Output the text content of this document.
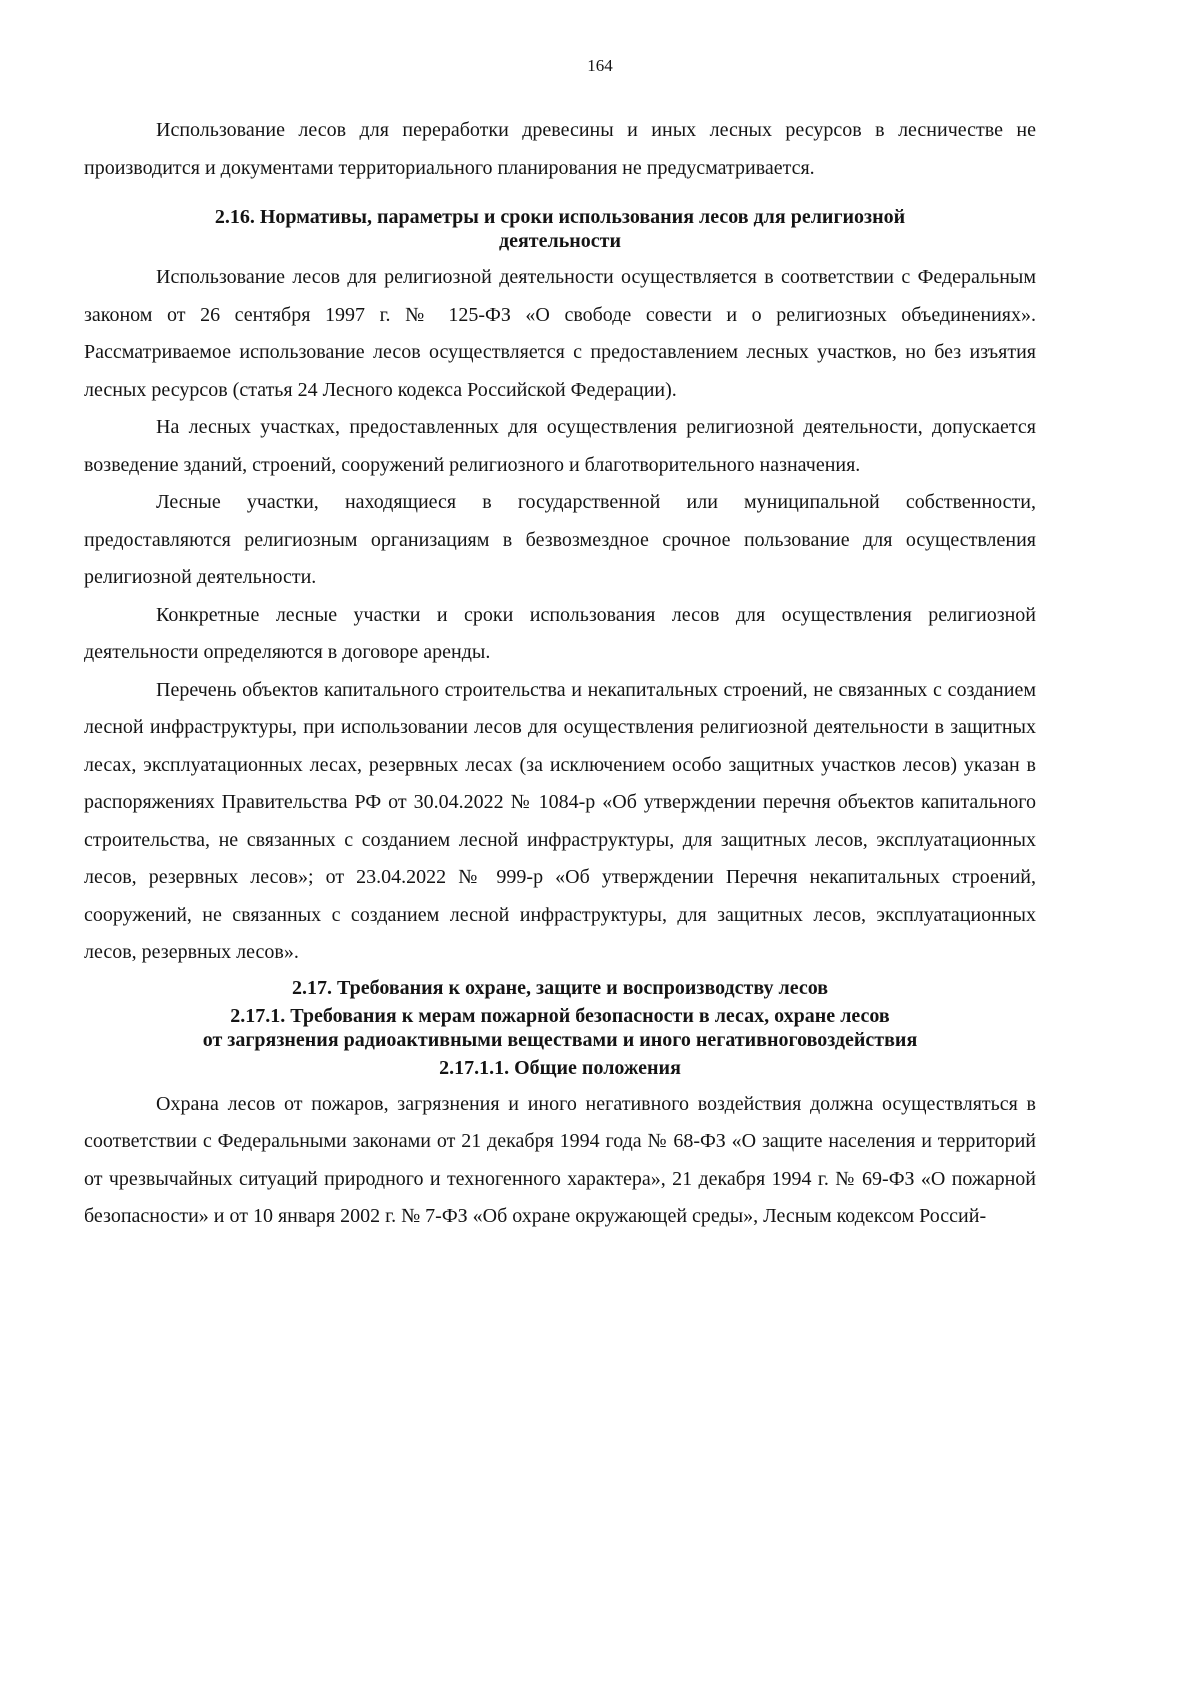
164

Использование лесов для переработки древесины и иных лесных ресурсов в лесничестве не производится и документами территориального планирования не предусматривается.

2.16. Нормативы, параметры и сроки использования лесов для религиозной
деятельности

Использование лесов для религиозной деятельности осуществляется в соответствии с Федеральным законом от 26 сентября 1997 г. № 125-ФЗ «О свободе совести и о религиозных объединениях». Рассматриваемое использование лесов осуществляется с предоставлением лесных участков, но без изъятия лесных ресурсов (статья 24 Лесного кодекса Российской Федерации).

На лесных участках, предоставленных для осуществления религиозной деятельности, допускается возведение зданий, строений, сооружений религиозного и благотворительного назначения.

Лесные участки, находящиеся в государственной или муниципальной собственности, предоставляются религиозным организациям в безвозмездное срочное пользование для осуществления религиозной деятельности.

Конкретные лесные участки и сроки использования лесов для осуществления религиозной деятельности определяются в договоре аренды.

Перечень объектов капитального строительства и некапитальных строений, не связанных с созданием лесной инфраструктуры, при использовании лесов для осуществления религиозной деятельности в защитных лесах, эксплуатационных лесах, резервных лесах (за исключением особо защитных участков лесов) указан в распоряжениях Правительства РФ от 30.04.2022 № 1084-р «Об утверждении перечня объектов капитального строительства, не связанных с созданием лесной инфраструктуры, для защитных лесов, эксплуатационных лесов, резервных лесов»; от 23.04.2022 № 999-р «Об утверждении Перечня некапитальных строений, сооружений, не связанных с созданием лесной инфраструктуры, для защитных лесов, эксплуатационных лесов, резервных лесов».

2.17. Требования к охране, защите и воспроизводству лесов
2.17.1. Требования к мерам пожарной безопасности в лесах, охране лесов
от загрязнения радиоактивными веществами и иного негативноговоздействия
2.17.1.1. Общие положения

Охрана лесов от пожаров, загрязнения и иного негативного воздействия должна осуществляться в соответствии с Федеральными законами от 21 декабря 1994 года № 68-ФЗ «О защите населения и территорий от чрезвычайных ситуаций природного и техногенного характера», 21 декабря 1994 г. № 69-ФЗ «О пожарной безопасности» и от 10 января 2002 г. № 7-ФЗ «Об охране окружающей среды», Лесным кодексом Россий-
